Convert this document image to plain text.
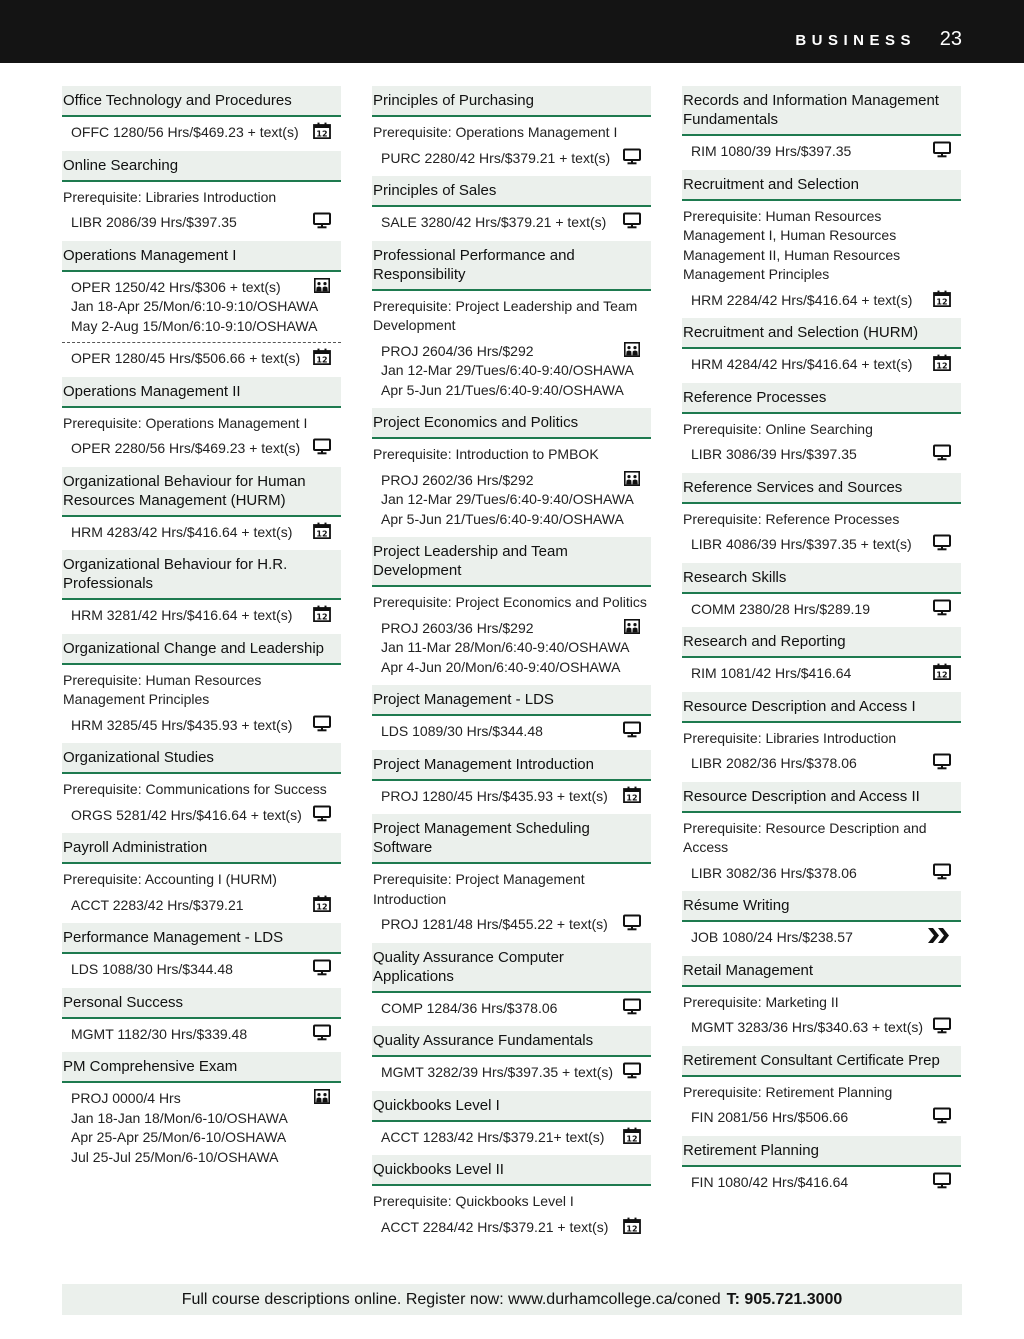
BUSINESS 23
Office Technology and Procedures
OFFC 1280/56 Hrs/$469.23 + text(s) 12
Online Searching
Prerequisite: Libraries Introduction
LIBR 2086/39 Hrs/$397.35
Operations Management I
OPER 1250/42 Hrs/$306 + text(s)
Jan 18-Apr 25/Mon/6:10-9:10/OSHAWA
May 2-Aug 15/Mon/6:10-9:10/OSHAWA
OPER 1280/45 Hrs/$506.66 + text(s) 12
Operations Management II
Prerequisite: Operations Management I
OPER 2280/56 Hrs/$469.23 + text(s)
Organizational Behaviour for Human Resources Management (HURM)
HRM 4283/42 Hrs/$416.64 + text(s)	12
Organizational Behaviour for H.R. Professionals
HRM 3281/42 Hrs/$416.64 + text(s)	12
Organizational Change and Leadership
Prerequisite: Human Resources Management Principles
HRM 3285/45 Hrs/$435.93 + text(s)
Organizational Studies
Prerequisite: Communications for Success
ORGS 5281/42 Hrs/$416.64 + text(s)
Payroll Administration
Prerequisite: Accounting I (HURM)
ACCT 2283/42 Hrs/$379.21	12
Performance Management - LDS
LDS 1088/30 Hrs/$344.48
Personal Success
MGMT 1182/30 Hrs/$339.48
PM Comprehensive Exam
PROJ 0000/4 Hrs
Jan 18-Jan 18/Mon/6-10/OSHAWA
Apr 25-Apr 25/Mon/6-10/OSHAWA
Jul 25-Jul 25/Mon/6-10/OSHAWA
Principles of Purchasing
Prerequisite: Operations Management I
PURC 2280/42 Hrs/$379.21 + text(s)
Principles of Sales
SALE 3280/42 Hrs/$379.21 + text(s)
Professional Performance and Responsibility
Prerequisite: Project Leadership and Team Development
PROJ 2604/36 Hrs/$292
Jan 12-Mar 29/Tues/6:40-9:40/OSHAWA
Apr 5-Jun 21/Tues/6:40-9:40/OSHAWA
Project Economics and Politics
Prerequisite: Introduction to PMBOK
PROJ 2602/36 Hrs/$292
Jan 12-Mar 29/Tues/6:40-9:40/OSHAWA
Apr 5-Jun 21/Tues/6:40-9:40/OSHAWA
Project Leadership and Team Development
Prerequisite: Project Economics and Politics
PROJ 2603/36 Hrs/$292
Jan 11-Mar 28/Mon/6:40-9:40/OSHAWA
Apr 4-Jun 20/Mon/6:40-9:40/OSHAWA
Project Management - LDS
LDS 1089/30 Hrs/$344.48
Project Management Introduction
PROJ 1280/45 Hrs/$435.93 + text(s)	12
Project Management Scheduling Software
Prerequisite: Project Management Introduction
PROJ 1281/48 Hrs/$455.22 + text(s)
Quality Assurance Computer Applications
COMP 1284/36 Hrs/$378.06
Quality Assurance Fundamentals
MGMT 3282/39 Hrs/$397.35 + text(s)
Quickbooks Level I
ACCT 1283/42 Hrs/$379.21+ text(s)	12
Quickbooks Level II
Prerequisite: Quickbooks Level I
ACCT 2284/42 Hrs/$379.21 + text(s)	12
Records and Information Management Fundamentals
RIM 1080/39 Hrs/$397.35
Recruitment and Selection
Prerequisite: Human Resources Management I, Human Resources Management II, Human Resources Management Principles
HRM 2284/42 Hrs/$416.64 + text(s)	12
Recruitment and Selection (HURM)
HRM 4284/42 Hrs/$416.64 + text(s)	12
Reference Processes
Prerequisite: Online Searching
LIBR 3086/39 Hrs/$397.35
Reference Services and Sources
Prerequisite: Reference Processes
LIBR 4086/39 Hrs/$397.35 + text(s)
Research Skills
COMM 2380/28 Hrs/$289.19
Research and Reporting
RIM 1081/42 Hrs/$416.64	12
Resource Description and Access I
Prerequisite: Libraries Introduction
LIBR 2082/36 Hrs/$378.06
Resource Description and Access II
Prerequisite: Resource Description and Access
LIBR 3082/36 Hrs/$378.06
Résume Writing
JOB 1080/24 Hrs/$238.57
Retail Management
Prerequisite: Marketing II
MGMT 3283/36 Hrs/$340.63 + text(s)
Retirement Consultant Certificate Prep
Prerequisite: Retirement Planning
FIN 2081/56 Hrs/$506.66
Retirement Planning
FIN 1080/42 Hrs/$416.64
Full course descriptions online. Register now: www.durhamcollege.ca/coned T: 905.721.3000
